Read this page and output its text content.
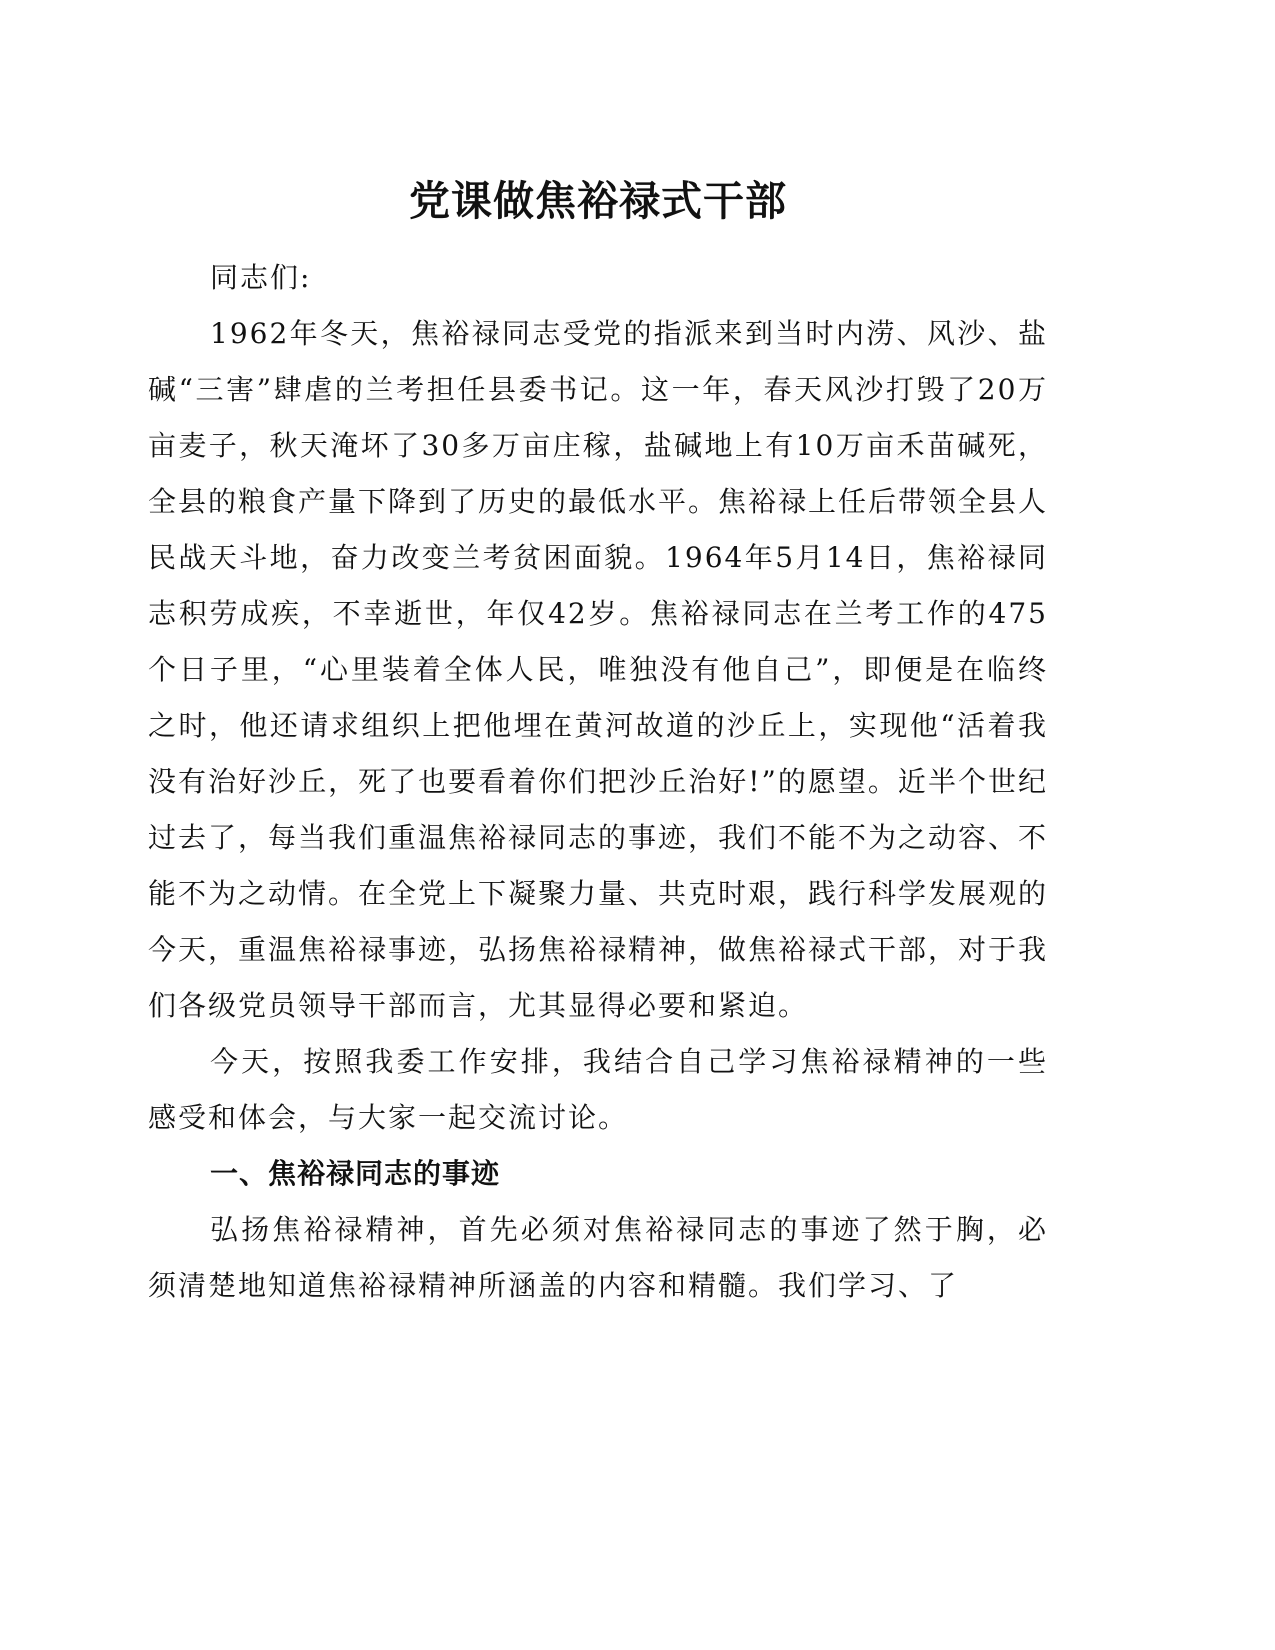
党课做焦裕禄式干部

同志们:

1962年冬天，焦裕禄同志受党的指派来到当时内涝、风沙、盐碱“三害”肆虐的兰考担任县委书记。这一年，春天风沙打毁了20万亩麦子，秋天淹坏了30多万亩庄稼，盐碱地上有10万亩禾苗碱死，全县的粮食产量下降到了历史的最低水平。焦裕禄上任后带领全县人民战天斗地，奋力改变兰考贫困面貌。1964年5月14日，焦裕禄同志积劳成疾，不幸逝世，年仅42岁。焦裕禄同志在兰考工作的475个日子里，“心里装着全体人民，唯独没有他自己”，即便是在临终之时，他还请求组织上把他埋在黄河故道的沙丘上，实现他“活着我没有治好沙丘，死了也要看着你们把沙丘治好!”的愿望。近半个世纪过去了，每当我们重温焦裕禄同志的事迹，我们不能不为之动容、不能不为之动情。在全党上下凝聚力量、共克时艰，践行科学发展观的今天，重温焦裕禄事迹，弘扬焦裕禄精神，做焦裕禄式干部，对于我们各级党员领导干部而言，尤其显得必要和紧迫。

今天，按照我委工作安排，我结合自己学习焦裕禄精神的一些感受和体会，与大家一起交流讨论。

一、焦裕禄同志的事迹

弘扬焦裕禄精神，首先必须对焦裕禄同志的事迹了然于胸，必须清楚地知道焦裕禄精神所涵盖的内容和精髓。我们学习、了
